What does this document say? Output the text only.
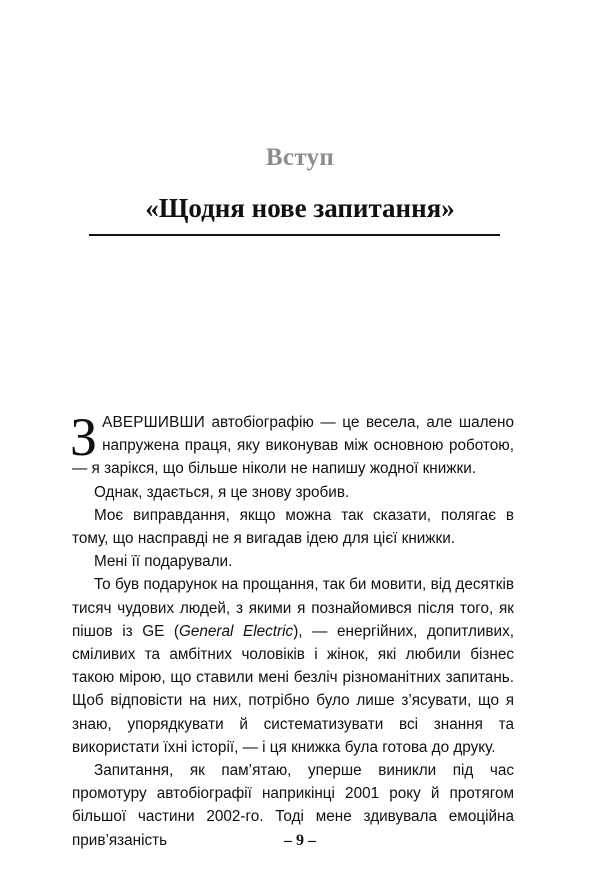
Вступ
«Щодня нове запитання»

ЗАВЕРШИВШИ автобіографію — це весела, але шалено напружена праця, яку виконував між основною роботою, — я зарікся, що більше ніколи не напишу жодної книжки.

Однак, здається, я це знову зробив.

Моє виправдання, якщо можна так сказати, полягає в тому, що насправді не я вигадав ідею для цієї книжки.

Мені її подарували.

То був подарунок на прощання, так би мовити, від десятків тисяч чудових людей, з якими я познайомився після того, як пішов із GE (General Electric), — енергійних, допитливих, сміливих та амбітних чоловіків і жінок, які любили бізнес такою мірою, що ставили мені безліч різноманітних запитань. Щоб відповісти на них, потрібно було лише з’ясувати, що я знаю, упорядкувати й систематизувати всі знання та використати їхні історії, — і ця книжка була готова до друку.

Запитання, як пам’ятаю, уперше виникли під час промотуру автобіографії наприкінці 2001 року й протягом більшої частини 2002-го. Тоді мене здивувала емоційна прив’язаність	– 9 –
